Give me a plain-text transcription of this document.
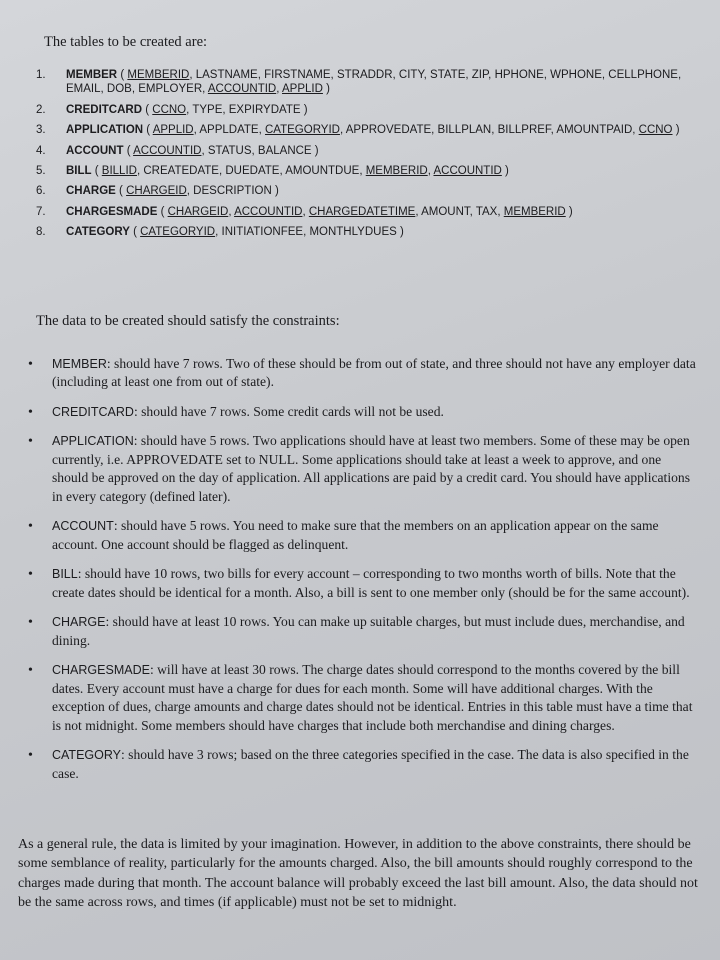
The tables to be created are:
1.	MEMBER ( MEMBERID, LASTNAME, FIRSTNAME, STRADDR, CITY, STATE, ZIP, HPHONE, WPHONE, CELLPHONE, EMAIL, DOB, EMPLOYER, ACCOUNTID, APPLID )
2.	CREDITCARD ( CCNO, TYPE, EXPIRYDATE )
3.	APPLICATION ( APPLID, APPLDATE, CATEGORYID, APPROVEDATE, BILLPLAN, BILLPREF, AMOUNTPAID, CCNO )
4.	ACCOUNT ( ACCOUNTID, STATUS, BALANCE )
5.	BILL ( BILLID, CREATEDATE, DUEDATE, AMOUNTDUE, MEMBERID, ACCOUNTID )
6.	CHARGE ( CHARGEID, DESCRIPTION )
7.	CHARGESMADE ( CHARGEID, ACCOUNTID, CHARGEDATETIME, AMOUNT, TAX, MEMBERID )
8.	CATEGORY ( CATEGORYID, INITIATIONFEE, MONTHLYDUES )
The data to be created should satisfy the constraints:
• MEMBER: should have 7 rows. Two of these should be from out of state, and three should not have any employer data (including at least one from out of state).
• CREDITCARD: should have 7 rows. Some credit cards will not be used.
• APPLICATION: should have 5 rows. Two applications should have at least two members. Some of these may be open currently, i.e. APPROVEDATE set to NULL. Some applications should take at least a week to approve, and one should be approved on the day of application. All applications are paid by a credit card. You should have applications in every category (defined later).
• ACCOUNT: should have 5 rows. You need to make sure that the members on an application appear on the same account. One account should be flagged as delinquent.
• BILL: should have 10 rows, two bills for every account – corresponding to two months worth of bills. Note that the create dates should be identical for a month. Also, a bill is sent to one member only (should be for the same account).
• CHARGE: should have at least 10 rows. You can make up suitable charges, but must include dues, merchandise, and dining.
• CHARGESMADE: will have at least 30 rows. The charge dates should correspond to the months covered by the bill dates. Every account must have a charge for dues for each month. Some will have additional charges. With the exception of dues, charge amounts and charge dates should not be identical. Entries in this table must have a time that is not midnight. Some members should have charges that include both merchandise and dining charges.
• CATEGORY: should have 3 rows; based on the three categories specified in the case. The data is also specified in the case.

As a general rule, the data is limited by your imagination. However, in addition to the above constraints, there should be some semblance of reality, particularly for the amounts charged. Also, the bill amounts should roughly correspond to the charges made during that month. The account balance will probably exceed the last bill amount. Also, the data should not be the same across rows, and times (if applicable) must not be set to midnight.
